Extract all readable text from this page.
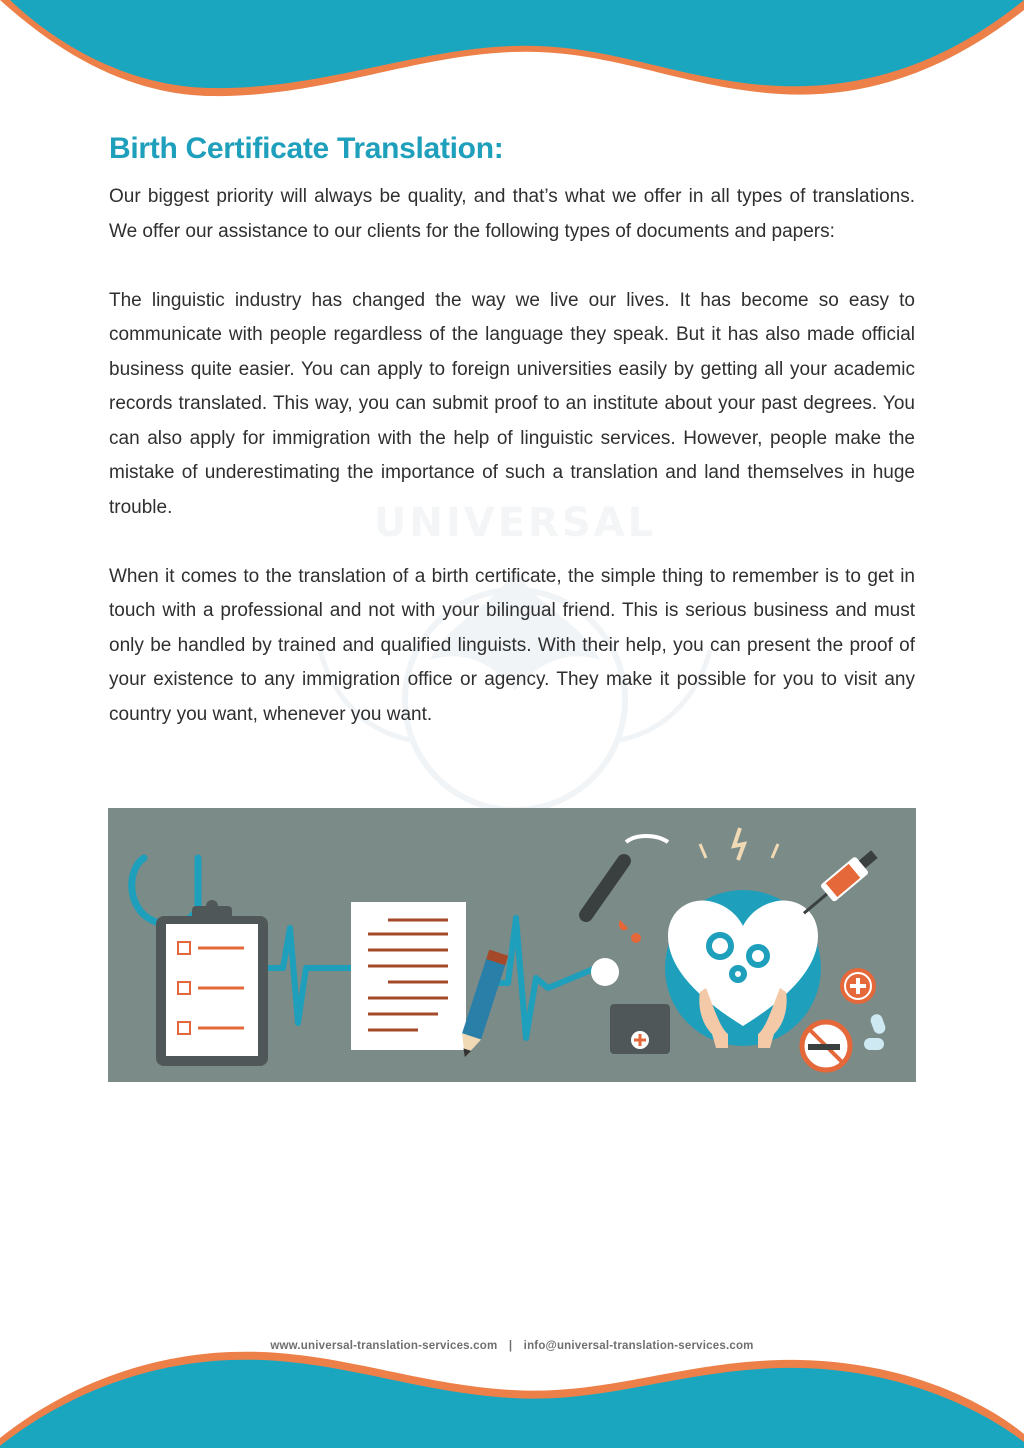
UNIVERSAL
Birth Certificate Translation:

Our biggest priority will always be quality, and that’s what we offer in all types of translations. We offer our assistance to our clients for the following types of documents and papers:

The linguistic industry has changed the way we live our lives. It has become so easy to communicate with people regardless of the language they speak. But it has also made official business quite easier. You can apply to foreign universities easily by getting all your academic records translated. This way, you can submit proof to an institute about your past degrees. You can also apply for immigration with the help of linguistic services. However, people make the mistake of underestimating the importance of such a translation and land themselves in huge trouble.

When it comes to the translation of a birth certificate, the simple thing to remember is to get in touch with a professional and not with your bilingual friend. This is serious business and must only be handled by trained and qualified linguists. With their help, you can present the proof of your existence to any immigration office or agency. They make it possible for you to visit any country you want, whenever you want.

www.universal-translation-services.com | info@universal-translation-services.com
